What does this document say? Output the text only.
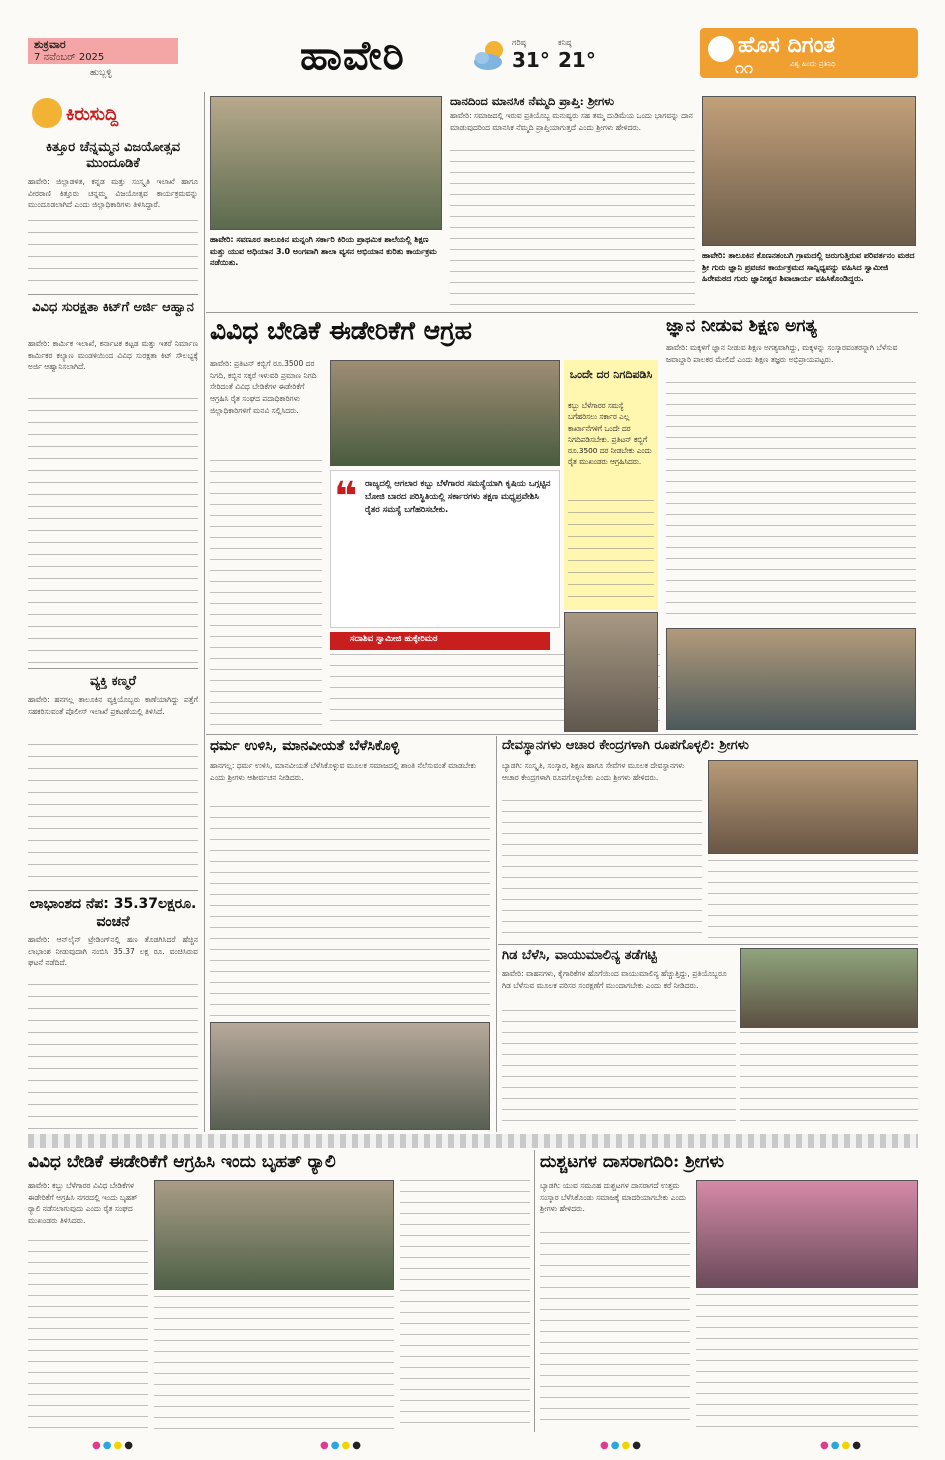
ಶುಕ್ರವಾರ
7 ನವೆಂಬರ್ 2025
ಹುಬ್ಬಳ್ಳಿ	ಹಾವೇರಿ	ಗರಿಷ್ಠ
31°
ಕನಿಷ್ಠ
21°
ಹೊಸ ದಿಗಂತ
೧೧	ವಿಶ್ವ ಹಿಂದು ಪ್ರತಿನಿಧಿ
ಕಿರುಸುದ್ದಿ
ಕಿತ್ತೂರ ಚೆನ್ನಮ್ಮನ ವಿಜಯೋತ್ಸವ ಮುಂದೂಡಿಕೆ
ಹಾವೇರಿ: ಜಿಲ್ಲಾಡಳಿತ, ಕನ್ನಡ ಮತ್ತು ಸಂಸ್ಕೃತಿ ಇಲಾಖೆ ಹಾಗೂ ವೀರರಾಣಿ ಕಿತ್ತೂರು ಚನ್ನಮ್ಮ ವಿಜಯೋತ್ಸವ ಕಾರ್ಯಕ್ರಮವನ್ನು ಮುಂದೂಡಲಾಗಿದೆ ಎಂದು ಜಿಲ್ಲಾಧಿಕಾರಿಗಳು ತಿಳಿಸಿದ್ದಾರೆ.
ವಿವಿಧ ಸುರಕ್ಷತಾ ಕಿಟ್‌ಗೆ ಅರ್ಜಿ ಆಹ್ವಾನ
ಹಾವೇರಿ: ಕಾರ್ಮಿಕ ಇಲಾಖೆ, ಕರ್ನಾಟಕ ಕಟ್ಟಡ ಮತ್ತು ಇತರೆ ನಿರ್ಮಾಣ ಕಾರ್ಮಿಕರ ಕಲ್ಯಾಣ ಮಂಡಳಿಯಿಂದ ವಿವಿಧ ಸುರಕ್ಷತಾ ಕಿಟ್ ಸೌಲಭ್ಯಕ್ಕೆ ಅರ್ಜಿ ಆಹ್ವಾನಿಸಲಾಗಿದೆ.
ವ್ಯಕ್ತಿ ಕಣ್ಮರೆ
ಹಾವೇರಿ: ಹನಗಲ್ಲ ತಾಲೂಕಿನ ವ್ಯಕ್ತಿಯೊಬ್ಬರು ಕಾಣೆಯಾಗಿದ್ದು ಪತ್ತೆಗೆ ಸಹಕರಿಸುವಂತೆ ಪೊಲೀಸ್ ಇಲಾಖೆ ಪ್ರಕಟಣೆಯಲ್ಲಿ ತಿಳಿಸಿದೆ.
ಲಾಭಾಂಶದ ನೆಪ: 35.37ಲಕ್ಷರೂ. ವಂಚನೆ
ಹಾವೇರಿ: ಆನ್‌ಲೈನ್ ಟ್ರೇಡಿಂಗ್‌ನಲ್ಲಿ ಹಣ ತೊಡಗಿಸಿದರೆ ಹೆಚ್ಚಿನ ಲಾಭಾಂಶ ನೀಡುವುದಾಗಿ ನಂಬಿಸಿ 35.37 ಲಕ್ಷ ರೂ. ವಂಚಿಸಿರುವ ಘಟನೆ ನಡೆದಿದೆ.
ಹಾವೇರಿ: ಸವಣೂರ ತಾಲೂಕಿನ ಮನ್ನಂಗಿ ಸರ್ಕಾರಿ ಕಿರಿಯ ಪ್ರಾಥಮಿಕ ಶಾಲೆಯಲ್ಲಿ ಶಿಕ್ಷಣ ಮತ್ತು ಯುವ ಅಧಿಯಾನ 3.0 ಅಂಗವಾಗಿ ಶಾಲಾ ವ್ಯಸನ ಅಭಿಯಾನ ಕುರಿತು ಕಾರ್ಯಕ್ರಮ ನಡೆಯಿತು.
ದಾನದಿಂದ ಮಾನಸಿಕ ನೆಮ್ಮದಿ ಪ್ರಾಪ್ತಿ: ಶ್ರೀಗಳು
ಹಾವೇರಿ: ಸಮಾಜದಲ್ಲಿ ಇರುವ ಪ್ರತಿಯೊಬ್ಬ ಮನುಷ್ಯರು ಸಹ ತಮ್ಮ ದುಡಿಮೆಯ ಒಂದು ಭಾಗವನ್ನು ದಾನ ಮಾಡುವುದರಿಂದ ಮಾನಸಿಕ ನೆಮ್ಮದಿ ಪ್ರಾಪ್ತಿಯಾಗುತ್ತದೆ ಎಂದು ಶ್ರೀಗಳು ಹೇಳಿದರು.
ಹಾವೇರಿ: ತಾಲೂಕಿನ ಕೊಣನತಂಬಗಿ ಗ್ರಾಮದಲ್ಲಿ ಜರುಗುತ್ತಿರುವ ಪರಿವರ್ತನಂ ಮಠದ ಶ್ರೀ ಗುರು ಜ್ಞಾನಿ ಪ್ರವಚನ ಕಾರ್ಯಕ್ರಮದ ಸಾನ್ನಿಧ್ಯವನ್ನು ವಹಿಸಿದ ಸ್ವಾಮೀಜಿ ಹಿರೇಮಠದ ಗುರು ಜ್ಞಾನೀಶ್ವರ ಶಿವಾಚಾರ್ಯ ವಹಿಸಿಕೊಂಡಿದ್ದರು.
ವಿವಿಧ ಬೇಡಿಕೆ ಈಡೇರಿಕೆಗೆ ಆಗ್ರಹ
ಹಾವೇರಿ: ಪ್ರತಿಟನ್ ಕಬ್ಬಿಗೆ ರೂ.3500 ದರ ನಿಗದಿ, ಕಬ್ಬಿನ ಸಕ್ಕರೆ ಇಳುವರಿ ಪ್ರಮಾಣ ನಿಗದಿ ಸೇರಿದಂತೆ ವಿವಿಧ ಬೇಡಿಕೆಗಳ ಈಡೇರಿಕೆಗೆ ಆಗ್ರಹಿಸಿ ರೈತ ಸಂಘದ ಪದಾಧಿಕಾರಿಗಳು ಜಿಲ್ಲಾಧಿಕಾರಿಗಳಿಗೆ ಮನವಿ ಸಲ್ಲಿಸಿದರು.
❝ ರಾಜ್ಯದಲ್ಲಿ ಆಗಲಾರ ಕಬ್ಬು ಬೆಳೆಗಾರರ ಸಮಸ್ಯೆಯಾಗಿ ಕೃಷಿಯ ಒಗ್ಗಟ್ಟಿನ ಬೋಜಿ ಬಾರದ ಪರಿಸ್ಥಿತಿಯಲ್ಲಿ ಸರ್ಕಾರಗಳು ತಕ್ಷಣ ಮಧ್ಯಪ್ರವೇಶಿಸಿ ರೈತರ ಸಮಸ್ಯೆ ಬಗೆಹರಿಸಬೇಕು.
ಸದಾಶಿವ ಸ್ವಾಮೀಜಿ ಹುಕ್ಕೇರಿಮಠ
ಒಂದೇ ದರ ನಿಗದಿಪಡಿಸಿ
ಕಬ್ಬು ಬೆಳೆಗಾರರ ಸಮಸ್ಯೆ ಬಗೆಹರಿಸಲು ಸರ್ಕಾರ ಎಲ್ಲ ಕಾರ್ಖಾನೆಗಳಿಗೆ ಒಂದೇ ದರ ನಿಗದಿಪಡಿಸಬೇಕು. ಪ್ರತಿಟನ್ ಕಬ್ಬಿಗೆ ರೂ.3500 ದರ ನೀಡಬೇಕು ಎಂದು ರೈತ ಮುಖಂಡರು ಆಗ್ರಹಿಸಿದರು.
ಜ್ಞಾನ ನೀಡುವ ಶಿಕ್ಷಣ ಅಗತ್ಯ
ಹಾವೇರಿ: ಮಕ್ಕಳಿಗೆ ಜ್ಞಾನ ನೀಡುವ ಶಿಕ್ಷಣ ಅಗತ್ಯವಾಗಿದ್ದು, ಮಕ್ಕಳನ್ನು ಸಂಸ್ಕಾರವಂತರನ್ನಾಗಿ ಬೆಳೆಸುವ ಜವಾಬ್ದಾರಿ ಪಾಲಕರ ಮೇಲಿದೆ ಎಂದು ಶಿಕ್ಷಣ ತಜ್ಞರು ಅಭಿಪ್ರಾಯಪಟ್ಟರು.
ಧರ್ಮ ಉಳಿಸಿ, ಮಾನವೀಯತೆ ಬೆಳೆಸಿಕೊಳ್ಳಿ
ಹಾನಗಲ್ಲ: ಧರ್ಮ ಉಳಿಸಿ, ಮಾನವೀಯತೆ ಬೆಳೆಸಿಕೊಳ್ಳುವ ಮೂಲಕ ಸಮಾಜದಲ್ಲಿ ಶಾಂತಿ ನೆಲೆಸುವಂತೆ ಮಾಡಬೇಕು ಎಂದು ಶ್ರೀಗಳು ಆಶೀರ್ವಚನ ನೀಡಿದರು.
ದೇವಸ್ಥಾನಗಳು ಆಚಾರ ಕೇಂದ್ರಗಳಾಗಿ ರೂಪಗೊಳ್ಳಲಿ: ಶ್ರೀಗಳು
ಬ್ಯಾಡಗಿ: ಸಂಸ್ಕೃತಿ, ಸಂಸ್ಕಾರ, ಶಿಕ್ಷಣ ಹಾಗೂ ಸೇವೆಗಳ ಮೂಲಕ ದೇವಸ್ಥಾನಗಳು ಆಚಾರ ಕೇಂದ್ರಗಳಾಗಿ ರೂಪಗೊಳ್ಳಬೇಕು ಎಂದು ಶ್ರೀಗಳು ಹೇಳಿದರು.
ಗಿಡ ಬೆಳೆಸಿ, ವಾಯುಮಾಲಿನ್ಯ ತಡೆಗಟ್ಟಿ
ಹಾವೇರಿ: ವಾಹನಗಳು, ಕೈಗಾರಿಕೆಗಳ ಹೊಗೆಯಿಂದ ವಾಯುಮಾಲಿನ್ಯ ಹೆಚ್ಚುತ್ತಿದ್ದು, ಪ್ರತಿಯೊಬ್ಬರೂ ಗಿಡ ಬೆಳೆಸುವ ಮೂಲಕ ಪರಿಸರ ಸಂರಕ್ಷಣೆಗೆ ಮುಂದಾಗಬೇಕು ಎಂದು ಕರೆ ನೀಡಿದರು.
ವಿವಿಧ ಬೇಡಿಕೆ ಈಡೇರಿಕೆಗೆ ಆಗ್ರಹಿಸಿ ಇಂದು ಬೃಹತ್ ರ್‍ಯಾಲಿ
ಹಾವೇರಿ: ಕಬ್ಬು ಬೆಳೆಗಾರರ ವಿವಿಧ ಬೇಡಿಕೆಗಳ ಈಡೇರಿಕೆಗೆ ಆಗ್ರಹಿಸಿ ನಗರದಲ್ಲಿ ಇಂದು ಬೃಹತ್ ರ್‍ಯಾಲಿ ನಡೆಸಲಾಗುವುದು ಎಂದು ರೈತ ಸಂಘದ ಮುಖಂಡರು ತಿಳಿಸಿದರು.
ದುಶ್ಚಟಗಳ ದಾಸರಾಗದಿರಿ: ಶ್ರೀಗಳು
ಬ್ಯಾಡಗಿ: ಯುವ ಸಮೂಹ ದುಶ್ಚಟಗಳ ದಾಸರಾಗದೆ ಉತ್ತಮ ಸಂಸ್ಕಾರ ಬೆಳೆಸಿಕೊಂಡು ಸಮಾಜಕ್ಕೆ ಮಾದರಿಯಾಗಬೇಕು ಎಂದು ಶ್ರೀಗಳು ಹೇಳಿದರು.
●●●●	●●●●	●●●●	●●●●
